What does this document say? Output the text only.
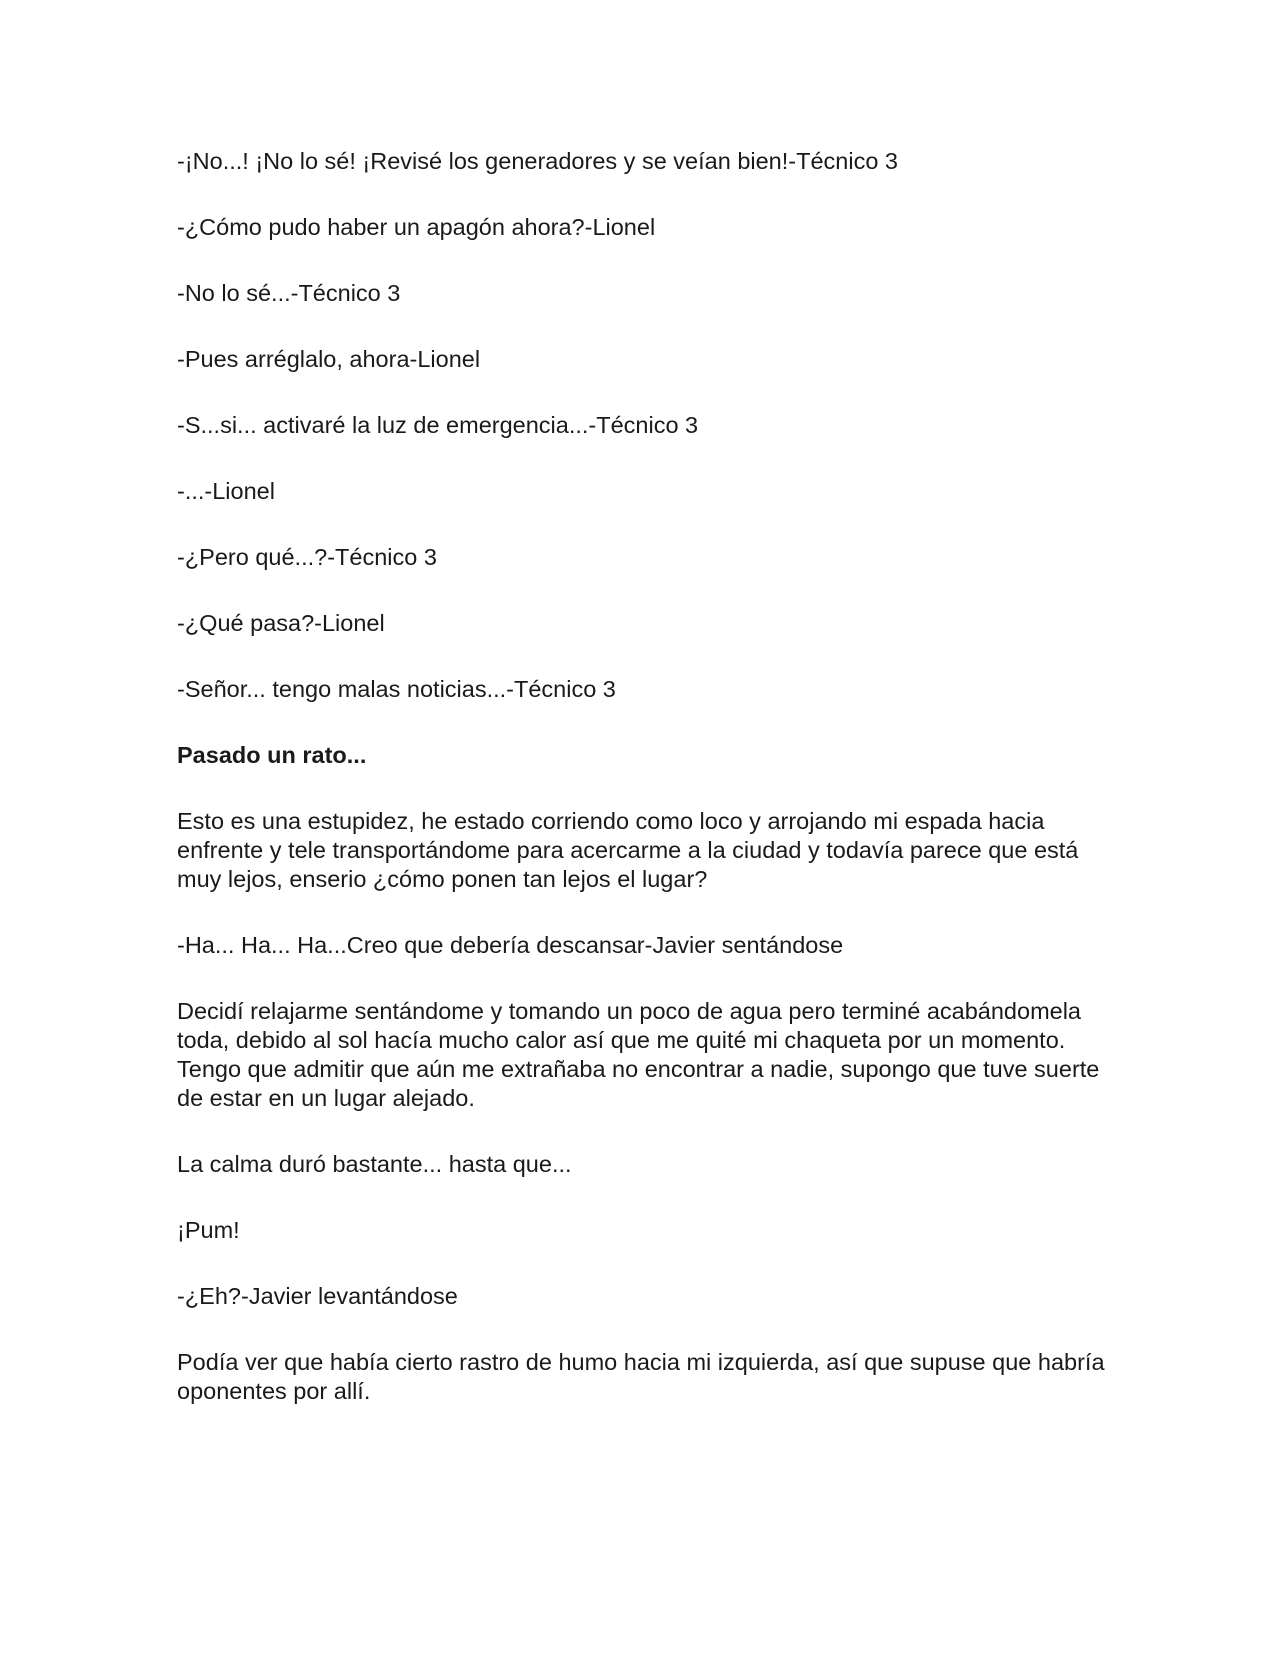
-¡No...! ¡No lo sé! ¡Revisé los generadores y se veían bien!-Técnico 3

-¿Cómo pudo haber un apagón ahora?-Lionel

-No lo sé...-Técnico 3

-Pues arréglalo, ahora-Lionel

-S...si... activaré la luz de emergencia...-Técnico 3

-...-Lionel

-¿Pero qué...?-Técnico 3

-¿Qué pasa?-Lionel

-Señor... tengo malas noticias...-Técnico 3

Pasado un rato...

Esto es una estupidez, he estado corriendo como loco y arrojando mi espada hacia enfrente y tele transportándome para acercarme a la ciudad y todavía parece que está muy lejos, enserio ¿cómo ponen tan lejos el lugar?

-Ha... Ha... Ha...Creo que debería descansar-Javier sentándose

Decidí relajarme sentándome y tomando un poco de agua pero terminé acabándomela toda, debido al sol hacía mucho calor así que me quité mi chaqueta por un momento. Tengo que admitir que aún me extrañaba no encontrar a nadie, supongo que tuve suerte de estar en un lugar alejado.

La calma duró bastante... hasta que...

¡Pum!

-¿Eh?-Javier levantándose

Podía ver que había cierto rastro de humo hacia mi izquierda, así que supuse que habría oponentes por allí.
